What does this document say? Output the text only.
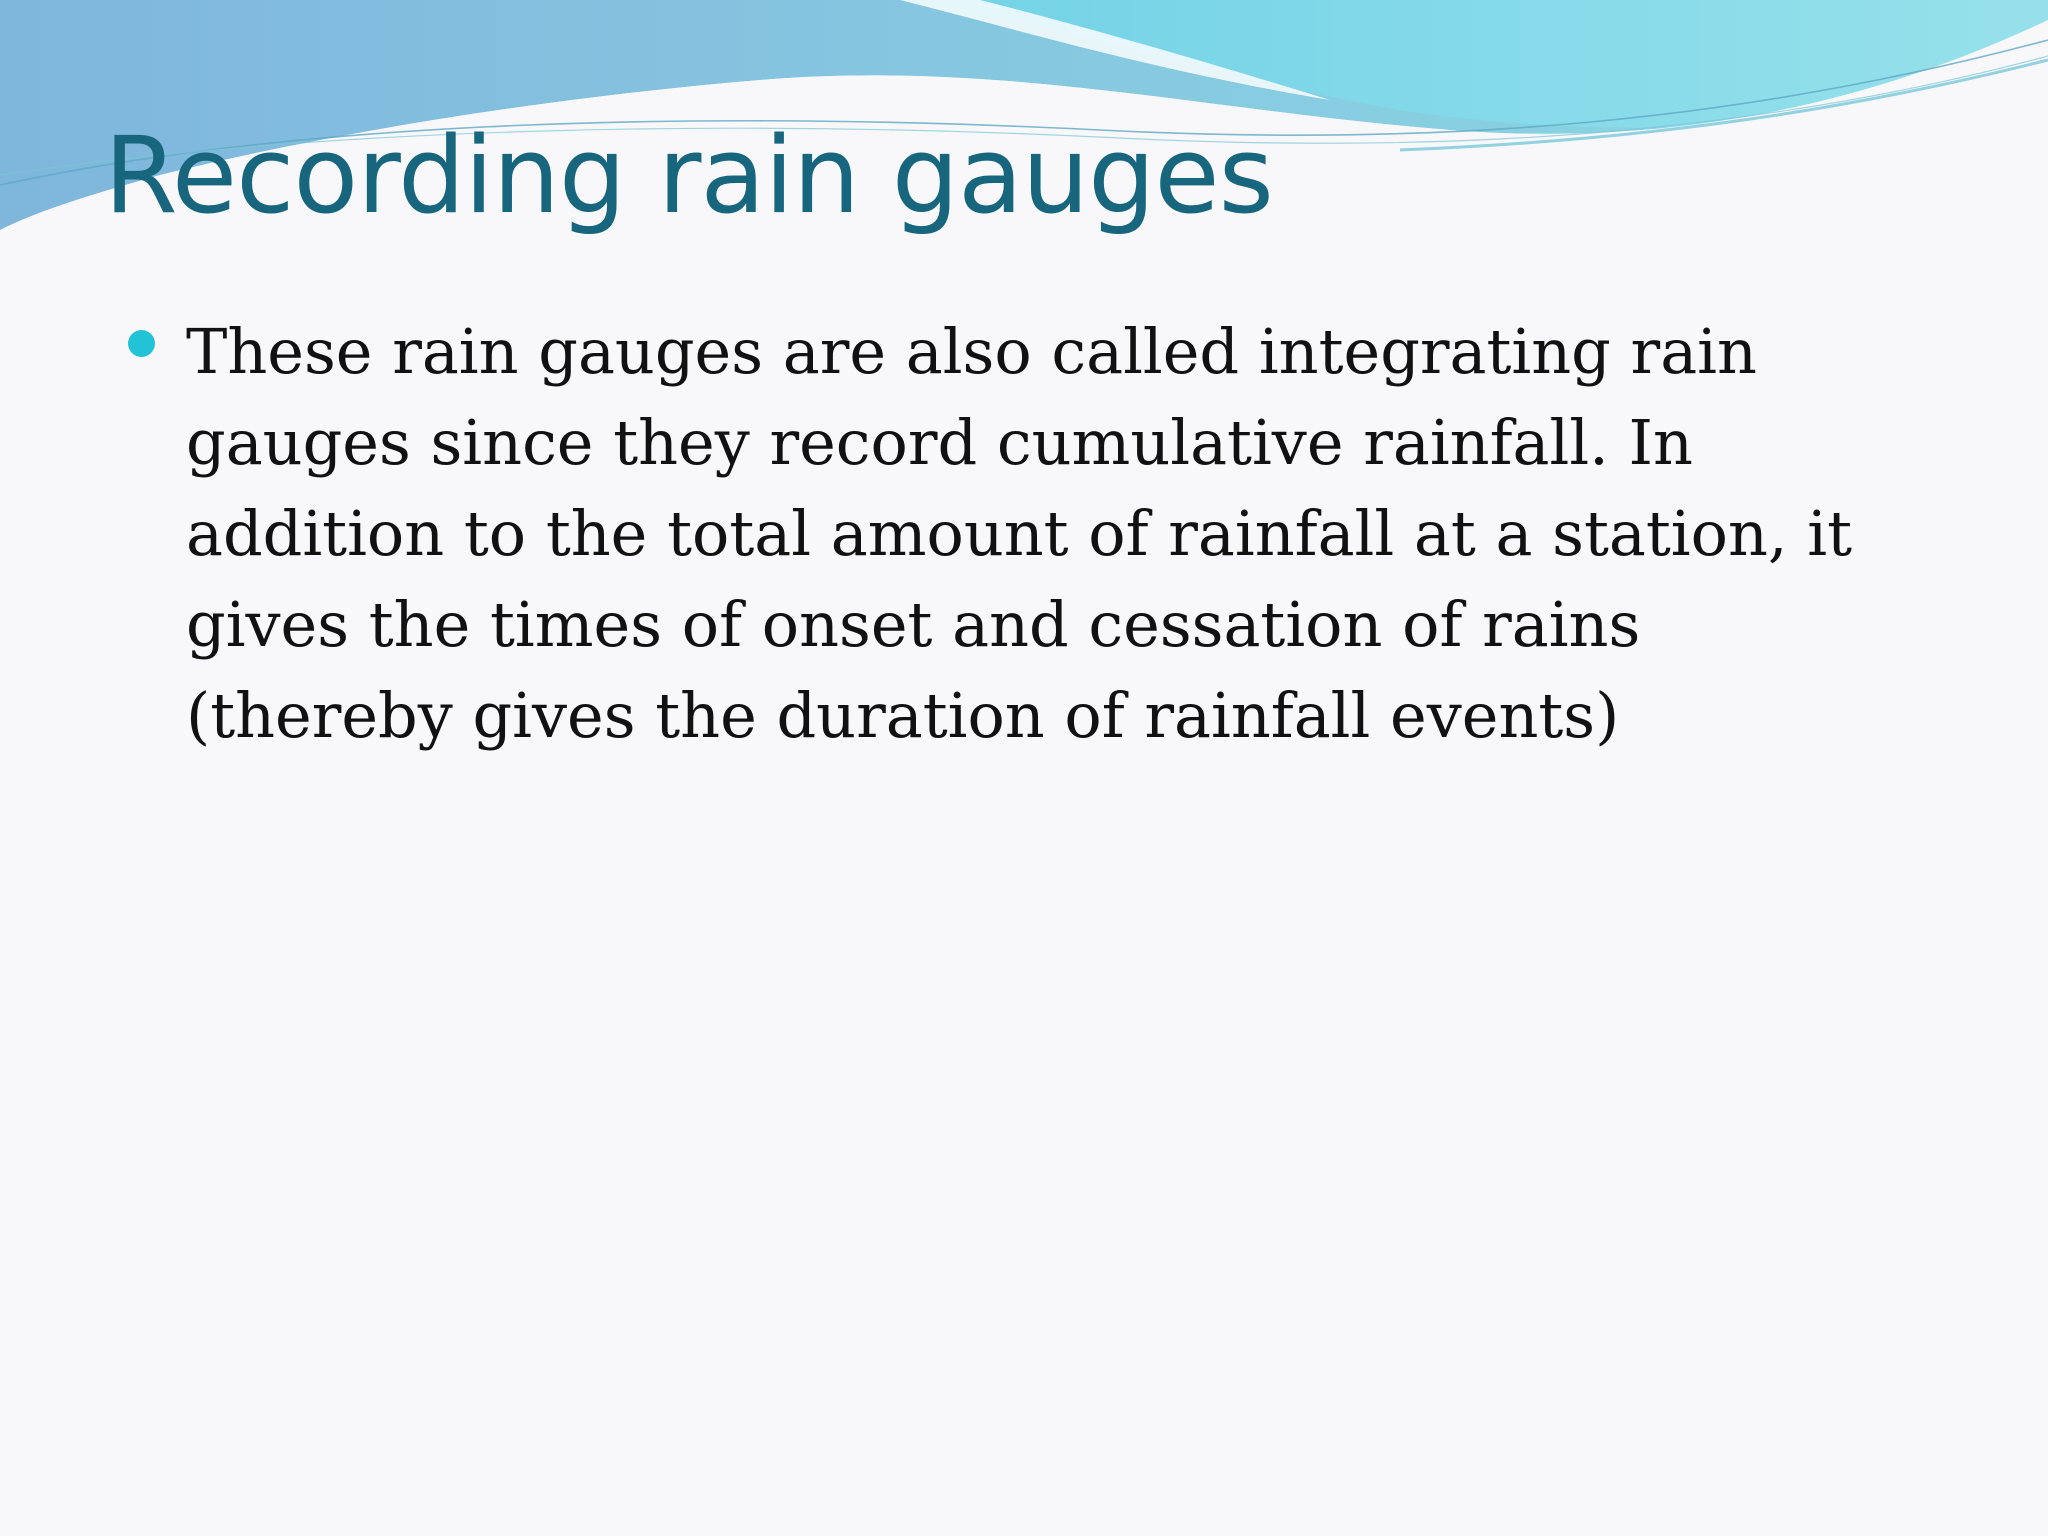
Recording rain gauges
These rain gauges are also called integrating rain
gauges since they record cumulative rainfall. In
addition to the total amount of rainfall at a station, it
gives the times of onset and cessation of rains
(thereby gives the duration of rainfall events)
